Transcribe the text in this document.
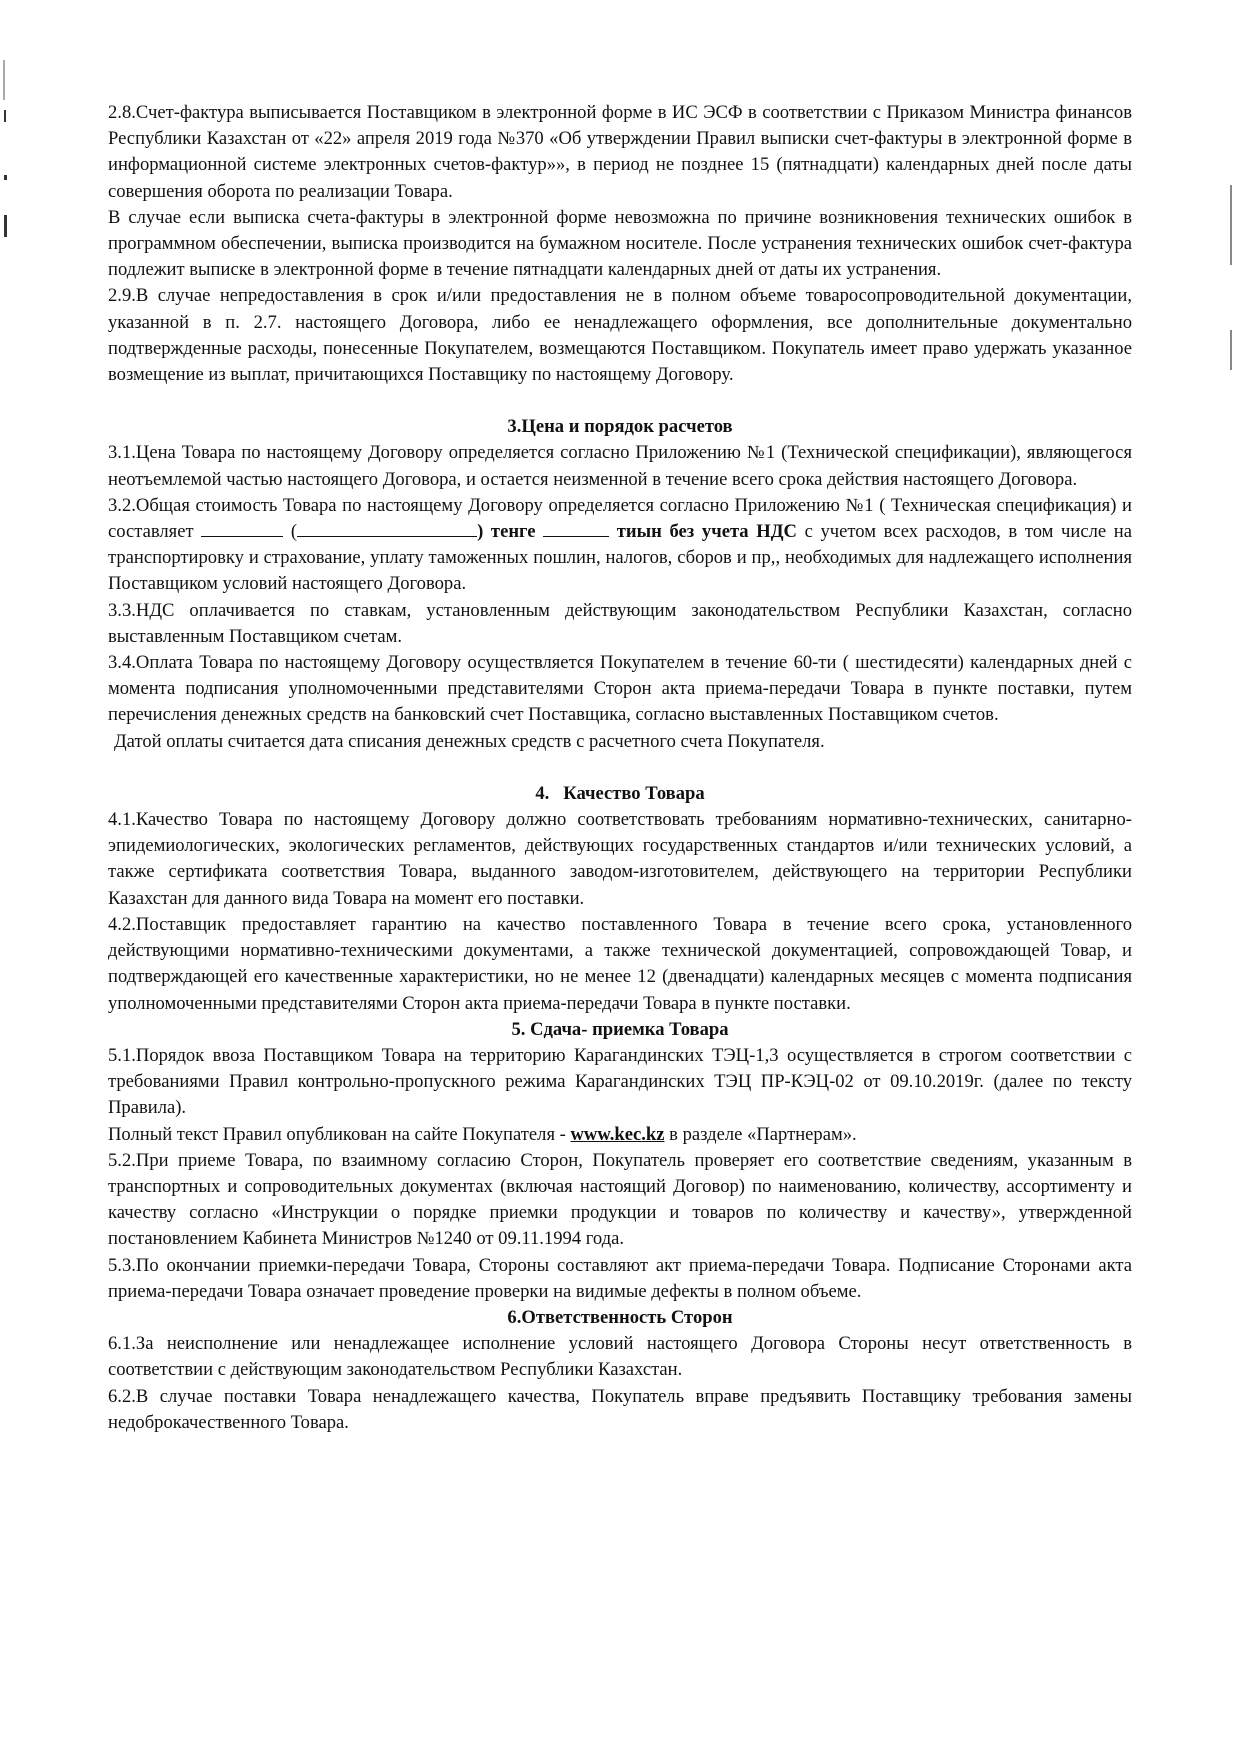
2.8.Счет-фактура выписывается Поставщиком в электронной форме в ИС ЭСФ в соответствии с Приказом Министра финансов Республики Казахстан от «22» апреля 2019 года №370 «Об утверждении Правил выписки счет-фактуры в электронной форме в информационной системе электронных счетов-фактур»», в период не позднее 15 (пятнадцати) календарных дней после даты совершения оборота по реализации Товара.

В случае если выписка счета-фактуры в электронной форме невозможна по причине возникновения технических ошибок в программном обеспечении, выписка производится на бумажном носителе. После устранения технических ошибок счет-фактура подлежит выписке в электронной форме в течение пятнадцати календарных дней от даты их устранения.

2.9.В случае непредоставления в срок и/или предоставления не в полном объеме товаросопроводительной документации, указанной в п. 2.7. настоящего Договора, либо ее ненадлежащего оформления, все дополнительные документально подтвержденные расходы, понесенные Покупателем, возмещаются Поставщиком. Покупатель имеет право удержать указанное возмещение из выплат, причитающихся Поставщику по настоящему Договору.

3.Цена и порядок расчетов

3.1.Цена Товара по настоящему Договору определяется согласно Приложению №1 (Технической спецификации), являющегося неотъемлемой частью настоящего Договора, и остается неизменной в течение всего срока действия настоящего Договора.

3.2.Общая стоимость Товара по настоящему Договору определяется согласно Приложению №1 ( Техническая спецификация) и составляет	(	) тенге	тиын без учета НДС с учетом всех расходов, в том числе на транспортировку и страхование, уплату таможенных пошлин, налогов, сборов и пр,, необходимых для надлежащего исполнения Поставщиком условий настоящего Договора.

3.3.НДС оплачивается по ставкам, установленным действующим законодательством Республики Казахстан, согласно выставленным Поставщиком счетам.

3.4.Оплата Товара по настоящему Договору осуществляется Покупателем в течение 60-ти ( шестидесяти) календарных дней с момента подписания уполномоченными представителями Сторон акта приема-передачи Товара в пункте поставки, путем перечисления денежных средств на банковский счет Поставщика, согласно выставленных Поставщиком счетов.

Датой оплаты считается дата списания денежных средств с расчетного счета Покупателя.

4.   Качество Товара

4.1.Качество Товара по настоящему Договору должно соответствовать требованиям нормативно-технических, санитарно-эпидемиологических, экологических регламентов, действующих государственных стандартов и/или технических условий, а также сертификата соответствия Товара, выданного заводом-изготовителем, действующего на территории Республики Казахстан для данного вида Товара на момент его поставки.

4.2.Поставщик предоставляет гарантию на качество поставленного Товара в течение всего срока, установленного действующими нормативно-техническими документами, а также технической документацией, сопровождающей Товар, и подтверждающей его качественные характеристики, но не менее 12 (двенадцати) календарных месяцев с момента подписания уполномоченными представителями Сторон акта приема-передачи Товара в пункте поставки.

5. Сдача- приемка Товара

5.1.Порядок ввоза Поставщиком Товара на территорию Карагандинских ТЭЦ-1,3 осуществляется в строгом соответствии с требованиями Правил контрольно-пропускного режима Карагандинских ТЭЦ ПР-КЭЦ-02 от 09.10.2019г. (далее по тексту Правила).

Полный текст Правил опубликован на сайте Покупателя - www.kec.kz в разделе «Партнерам».

5.2.При приеме Товара, по взаимному согласию Сторон, Покупатель проверяет его соответствие сведениям, указанным в транспортных и сопроводительных документах (включая настоящий Договор) по наименованию, количеству, ассортименту и качеству согласно «Инструкции о порядке приемки продукции и товаров по количеству и качеству», утвержденной постановлением Кабинета Министров №1240 от 09.11.1994 года.

5.3.По окончании приемки-передачи Товара, Стороны составляют акт приема-передачи Товара. Подписание Сторонами акта приема-передачи Товара означает проведение проверки на видимые дефекты в полном объеме.

6.Ответственность Сторон

6.1.За неисполнение или ненадлежащее исполнение условий настоящего Договора Стороны несут ответственность в соответствии с действующим законодательством Республики Казахстан.

6.2.В случае поставки Товара ненадлежащего качества, Покупатель вправе предъявить Поставщику требования замены недоброкачественного Товара.
